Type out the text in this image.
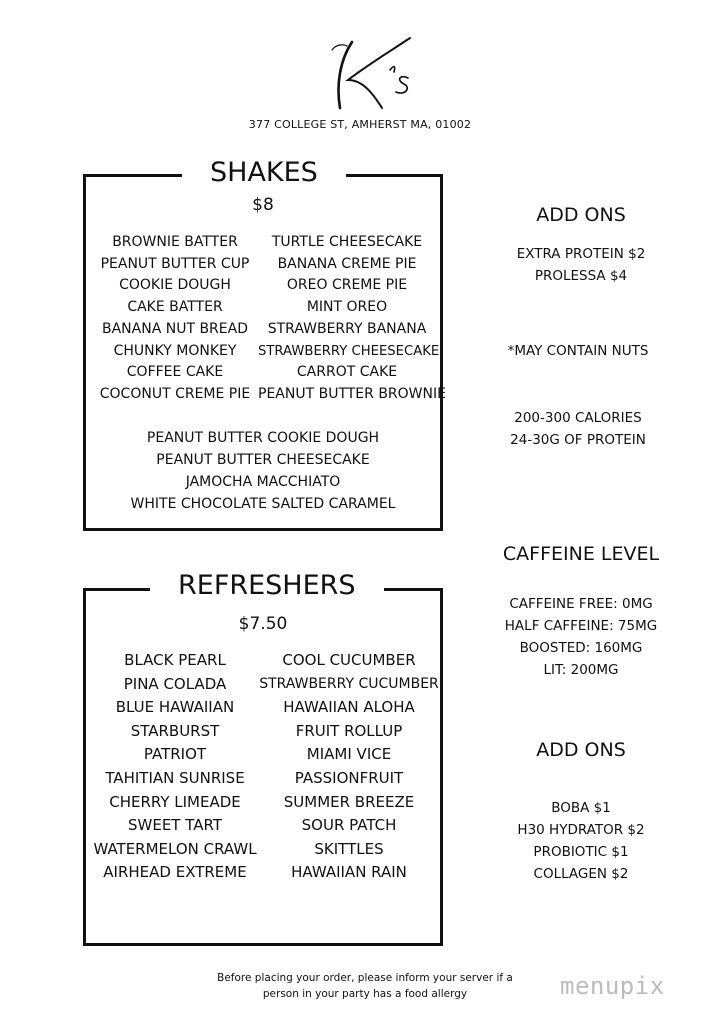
377 COLLEGE ST, AMHERST MA, 01002
SHAKES
$8
BROWNIE BATTER
PEANUT BUTTER CUP
COOKIE DOUGH
CAKE BATTER
BANANA NUT BREAD
CHUNKY MONKEY
COFFEE CAKE
COCONUT CREME PIE
TURTLE CHEESECAKE
BANANA CREME PIE
OREO CREME PIE
MINT OREO
STRAWBERRY BANANA
STRAWBERRY CHEESECAKE
CARROT CAKE
PEANUT BUTTER BROWNIE
PEANUT BUTTER COOKIE DOUGH
PEANUT BUTTER CHEESECAKE
JAMOCHA MACCHIATO
WHITE CHOCOLATE SALTED CARAMEL
REFRESHERS
$7.50
BLACK PEARL
PINA COLADA
BLUE HAWAIIAN
STARBURST
PATRIOT
TAHITIAN SUNRISE
CHERRY LIMEADE
SWEET TART
WATERMELON CRAWL
AIRHEAD EXTREME
COOL CUCUMBER
STRAWBERRY CUCUMBER
HAWAIIAN ALOHA
FRUIT ROLLUP
MIAMI VICE
PASSIONFRUIT
SUMMER BREEZE
SOUR PATCH
SKITTLES
HAWAIIAN RAIN
ADD ONS
EXTRA PROTEIN $2
PROLESSA $4
*MAY CONTAIN NUTS
200-300 CALORIES
24-30G OF PROTEIN
CAFFEINE LEVEL
CAFFEINE FREE: 0MG
HALF CAFFEINE: 75MG
BOOSTED: 160MG
LIT: 200MG
ADD ONS
BOBA $1
H30 HYDRATOR $2
PROBIOTIC $1
COLLAGEN $2
Before placing your order, please inform your server if a
person in your party has a food allergy	menupix
